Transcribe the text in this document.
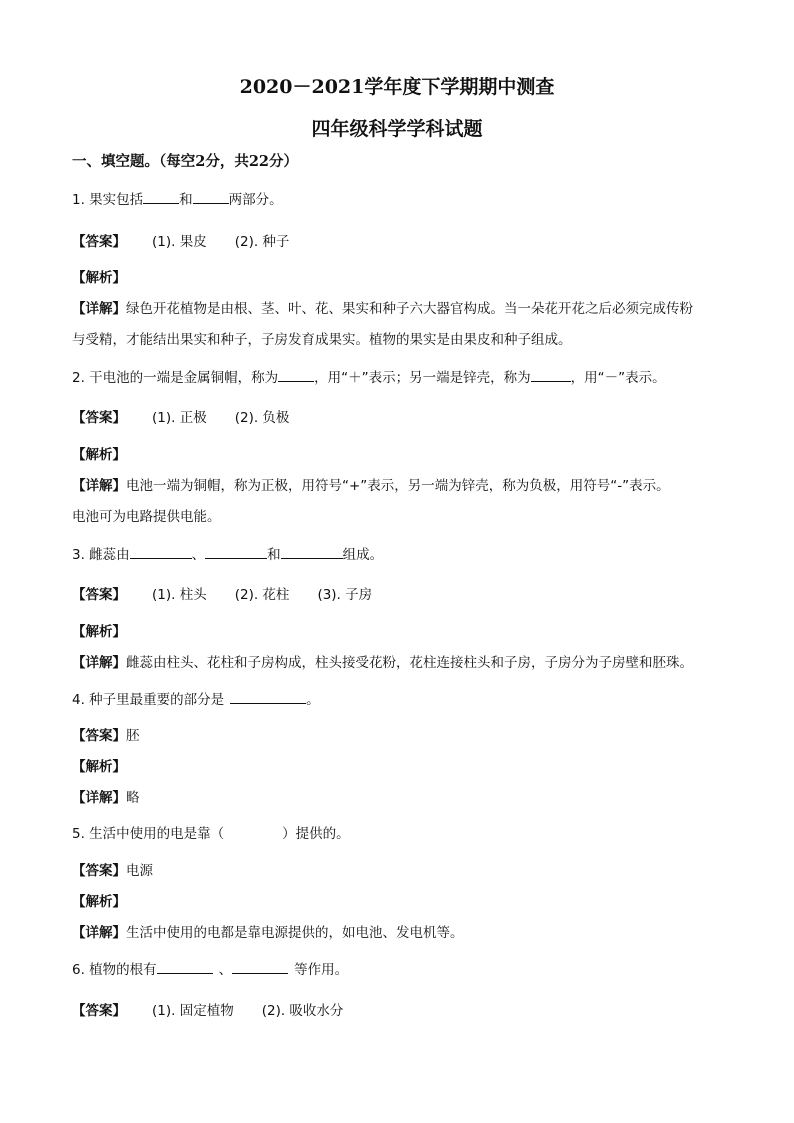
2020－2021学年度下学期期中测查
四年级科学学科试题
一、填空题。（每空2分，共22分）
1. 果实包括	和	两部分。
【答案】 (1). 果皮 (2). 种子
【解析】
【详解】绿色开花植物是由根、茎、叶、花、果实和种子六大器官构成。当一朵花开花之后必须完成传粉
与受精，才能结出果实和种子，子房发育成果实。植物的果实是由果皮和种子组成。
2. 干电池的一端是金属铜帽，称为	，用“＋”表示；另一端是锌壳，称为	，用“－”表示。
【答案】 (1). 正极 (2). 负极
【解析】
【详解】电池一端为铜帽，称为正极，用符号“+”表示，另一端为锌壳，称为负极，用符号“-”表示。
电池可为电路提供电能。
3. 雌蕊由	、	和	组成。
【答案】 (1). 柱头 (2). 花柱 (3). 子房
【解析】
【详解】雌蕊由柱头、花柱和子房构成，柱头接受花粉，花柱连接柱头和子房，子房分为子房壁和胚珠。
4. 种子里最重要的部分是	。
【答案】胚
【解析】
【详解】略
5. 生活中使用的电是靠（	）提供的。
【答案】电源
【解析】
【详解】生活中使用的电都是靠电源提供的，如电池、发电机等。
6. 植物的根有	、	等作用。
【答案】 (1). 固定植物 (2). 吸收水分
